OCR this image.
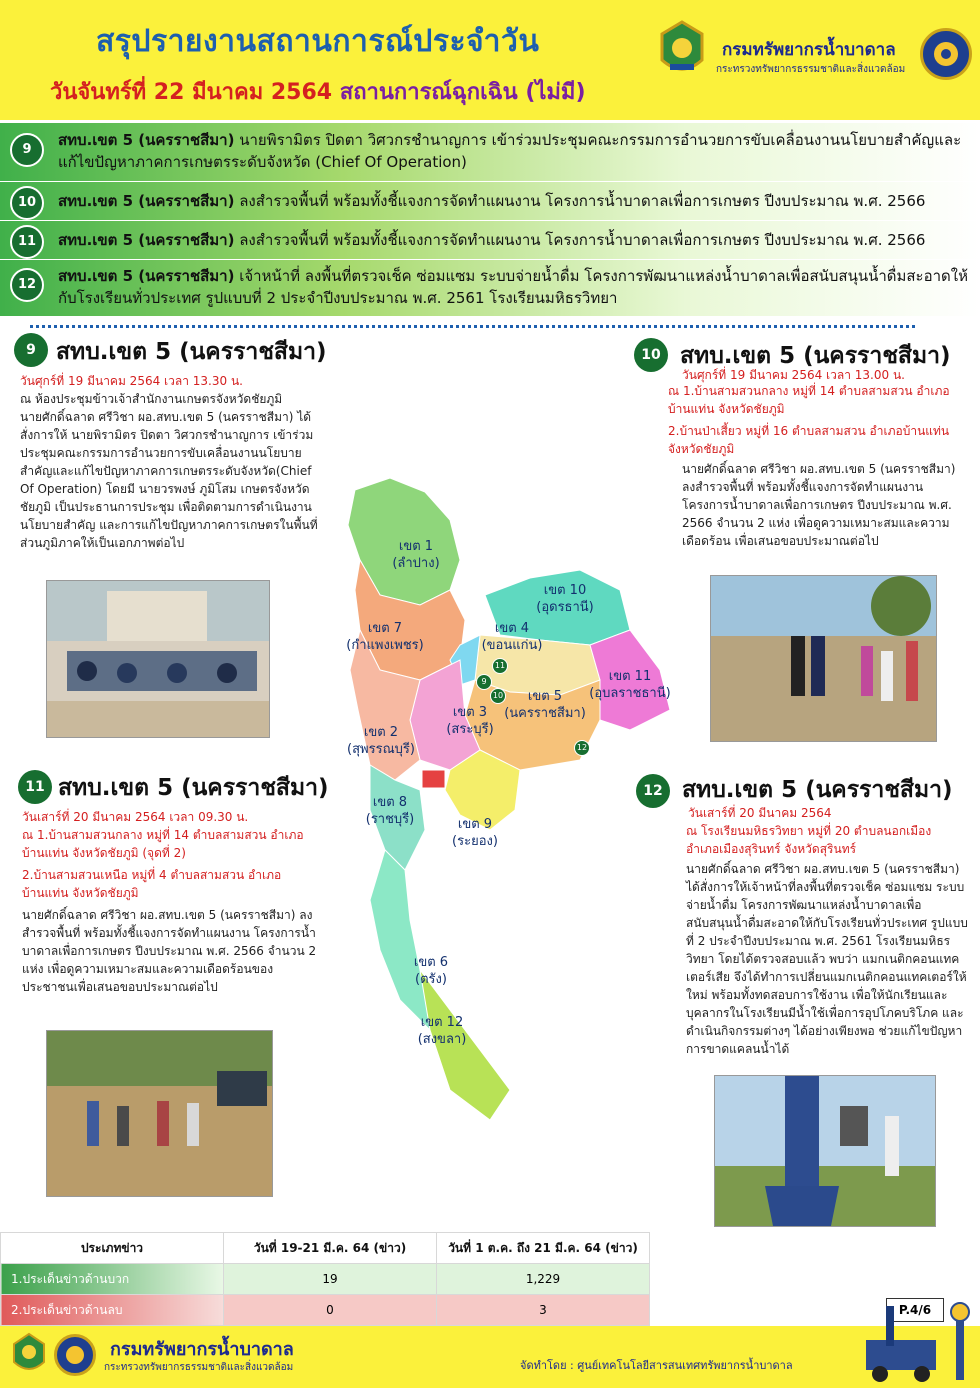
สรุปรายงานสถานการณ์ประจำวัน
วันจันทร์ที่ 22 มีนาคม 2564 สถานการณ์ฉุกเฉิน (ไม่มี)
กรมทรัพยากรน้ำบาดาล
กระทรวงทรัพยากรธรรมชาติและสิ่งแวดล้อม
9
สทบ.เขต 5 (นครราชสีมา) นายพิรามิตร ปิดตา วิศวกรชำนาญการ เข้าร่วมประชุมคณะกรรมการอำนวยการขับเคลื่อนงานนโยบายสำคัญและแก้ไขปัญหาภาคการเกษตรระดับจังหวัด (Chief Of Operation)
10	สทบ.เขต 5 (นครราชสีมา) ลงสำรวจพื้นที่ พร้อมทั้งชี้แจงการจัดทำแผนงาน โครงการน้ำบาดาลเพื่อการเกษตร ปีงบประมาณ พ.ศ. 2566
11	สทบ.เขต 5 (นครราชสีมา) ลงสำรวจพื้นที่ พร้อมทั้งชี้แจงการจัดทำแผนงาน โครงการน้ำบาดาลเพื่อการเกษตร ปีงบประมาณ พ.ศ. 2566
12	สทบ.เขต 5 (นครราชสีมา) เจ้าหน้าที่ ลงพื้นที่ตรวจเช็ค ซ่อมแซม ระบบจ่ายน้ำดื่ม โครงการพัฒนาแหล่งน้ำบาดาลเพื่อสนับสนุนน้ำดื่มสะอาดให้กับโรงเรียนทั่วประเทศ รูปแบบที่ 2 ประจำปีงบประมาณ พ.ศ. 2561 โรงเรียนมหิธรวิทยา
9 สทบ.เขต 5 (นครราชสีมา)
วันศุกร์ที่ 19 มีนาคม 2564 เวลา 13.30 น.
ณ ห้องประชุมข้าวเจ้าสำนักงานเกษตรจังหวัดชัยภูมิ
นายศักดิ์ฉลาด ศรีวิชา ผอ.สทบ.เขต 5 (นครราชสีมา) ได้สั่งการให้ นายพิรามิตร ปิดตา วิศวกรชำนาญการ เข้าร่วมประชุมคณะกรรมการอำนวยการขับเคลื่อนงานนโยบายสำคัญและแก้ไขปัญหาภาคการเกษตรระดับจังหวัด(Chief Of Operation) โดยมี นายวรพงษ์ ภูมิโสม เกษตรจังหวัดชัยภูมิ เป็นประธานการประชุม เพื่อติดตามการดำเนินงานนโยบายสำคัญ และการแก้ไขปัญหาภาคการเกษตรในพื้นที่ส่วนภูมิภาคให้เป็นเอกภาพต่อไป
10 สทบ.เขต 5 (นครราชสีมา)
วันศุกร์ที่ 19 มีนาคม 2564 เวลา 13.00 น.
ณ 1.บ้านสามสวนกลาง หมู่ที่ 14 ตำบลสามสวน อำเภอบ้านแท่น จังหวัดชัยภูมิ
2.บ้านป่าเสี้ยว หมู่ที่ 16 ตำบลสามสวน อำเภอบ้านแท่น จังหวัดชัยภูมิ
นายศักดิ์ฉลาด ศรีวิชา ผอ.สทบ.เขต 5 (นครราชสีมา) ลงสำรวจพื้นที่ พร้อมทั้งชี้แจงการจัดทำแผนงาน โครงการน้ำบาดาลเพื่อการเกษตร ปีงบประมาณ พ.ศ. 2566 จำนวน 2 แห่ง เพื่อดูความเหมาะสมและความเดือดร้อน เพื่อเสนอขอบประมาณต่อไป
เขต 1
(ลำปาง)
เขต 10
(อุดรธานี)
เขต 4
(ขอนแก่น)
เขต 7
(กำแพงเพชร)
เขต 11
(อุบลราชธานี)
เขต 5
(นครราชสีมา)
เขต 3
(สระบุรี)
เขต 2
(สุพรรณบุรี)
เขต 8
(ราชบุรี)	เขต 9
(ระยอง)
เขต 6
(ตรัง)
เขต 12
(สงขลา)
11
9
10
12
11 สทบ.เขต 5 (นครราชสีมา)
วันเสาร์ที่ 20 มีนาคม 2564 เวลา 09.30 น.
ณ 1.บ้านสามสวนกลาง หมู่ที่ 14 ตำบลสามสวน อำเภอบ้านแท่น จังหวัดชัยภูมิ (จุดที่ 2)
2.บ้านสามสวนเหนือ หมู่ที่ 4 ตำบลสามสวน อำเภอบ้านแท่น จังหวัดชัยภูมิ
นายศักดิ์ฉลาด ศรีวิชา ผอ.สทบ.เขต 5 (นครราชสีมา) ลงสำรวจพื้นที่ พร้อมทั้งชี้แจงการจัดทำแผนงาน โครงการน้ำบาดาลเพื่อการเกษตร ปีงบประมาณ พ.ศ. 2566 จำนวน 2 แห่ง เพื่อดูความเหมาะสมและความเดือดร้อนของประชาชนเพื่อเสนอขอบประมาณต่อไป
12 สทบ.เขต 5 (นครราชสีมา)
วันเสาร์ที่ 20 มีนาคม 2564
ณ โรงเรียนมหิธรวิทยา หมู่ที่ 20 ตำบลนอกเมือง อำเภอเมืองสุรินทร์ จังหวัดสุรินทร์
นายศักดิ์ฉลาด ศรีวิชา ผอ.สทบ.เขต 5 (นครราชสีมา) ได้สั่งการให้เจ้าหน้าที่ลงพื้นที่ตรวจเช็ค ซ่อมแซม ระบบจ่ายน้ำดื่ม โครงการพัฒนาแหล่งน้ำบาดาลเพื่อสนับสนุนน้ำดื่มสะอาดให้กับโรงเรียนทั่วประเทศ รูปแบบที่ 2 ประจำปีงบประมาณ พ.ศ. 2561 โรงเรียนมหิธรวิทยา โดยได้ตรวจสอบแล้ว พบว่า แมกเนติกคอนแทคเตอร์เสีย จึงได้ทำการเปลี่ยนแมกเนติกคอนแทคเตอร์ให้ใหม่ พร้อมทั้งทดสอบการใช้งาน เพื่อให้นักเรียนและบุคลากรในโรงเรียนมีน้ำใช้เพื่อการอุปโภคบริโภค และดำเนินกิจกรรมต่างๆ ได้อย่างเพียงพอ ช่วยแก้ไขปัญหาการขาดแคลนน้ำได้
ประเภทข่าว	วันที่ 19-21 มี.ค. 64 (ข่าว)	วันที่ 1 ต.ค. ถึง 21 มี.ค. 64 (ข่าว)
1.ประเด็นข่าวด้านบวก	19	1,229
2.ประเด็นข่าวด้านลบ	0	3	P.4/6
กรมทรัพยากรน้ำบาดาล
กระทรวงทรัพยากรธรรมชาติและสิ่งแวดล้อม	จัดทำโดย : ศูนย์เทคโนโลยีสารสนเทศทรัพยากรน้ำบาดาล
